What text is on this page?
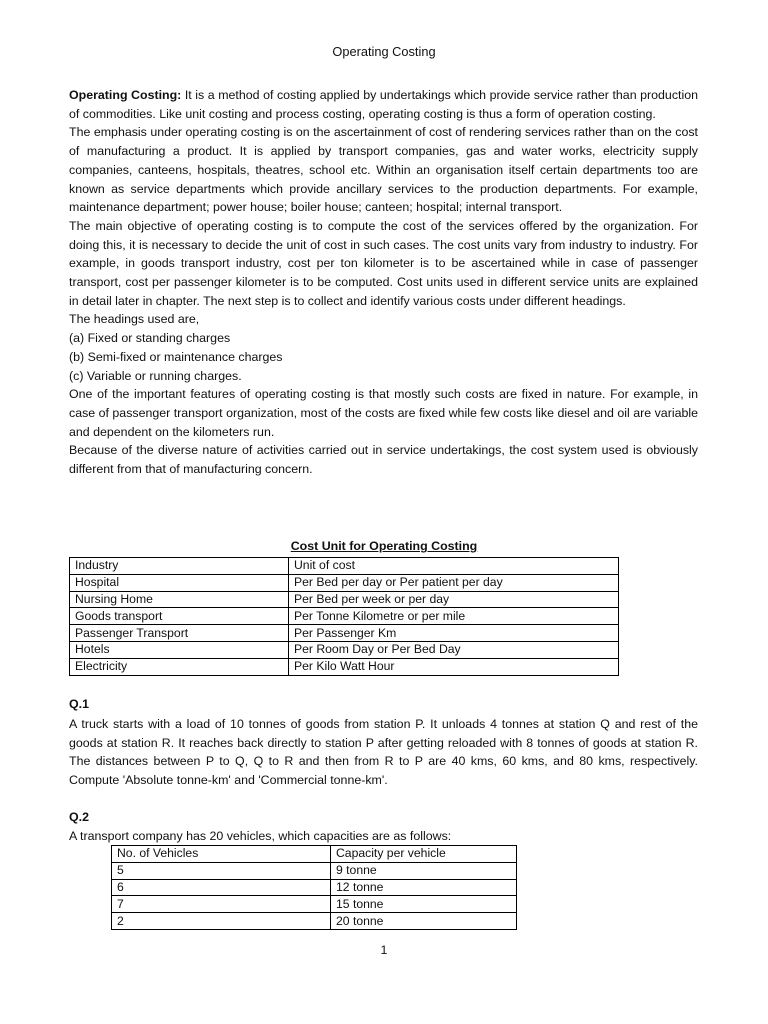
Operating Costing

Operating Costing: It is a method of costing applied by undertakings which provide service rather than production of commodities. Like unit costing and process costing, operating costing is thus a form of operation costing.

The emphasis under operating costing is on the ascertainment of cost of rendering services rather than on the cost of manufacturing a product. It is applied by transport companies, gas and water works, electricity supply companies, canteens, hospitals, theatres, school etc. Within an organisation itself certain departments too are known as service departments which provide ancillary services to the production departments. For example, maintenance department; power house; boiler house; canteen; hospital; internal transport.

The main objective of operating costing is to compute the cost of the services offered by the organization. For doing this, it is necessary to decide the unit of cost in such cases. The cost units vary from industry to industry. For example, in goods transport industry, cost per ton kilometer is to be ascertained while in case of passenger transport, cost per passenger kilometer is to be computed. Cost units used in different service units are explained in detail later in chapter. The next step is to collect and identify various costs under different headings.

The headings used are,

(a) Fixed or standing charges

(b) Semi-fixed or maintenance charges

(c) Variable or running charges.

One of the important features of operating costing is that mostly such costs are fixed in nature. For example, in case of passenger transport organization, most of the costs are fixed while few costs like diesel and oil are variable and dependent on the kilometers run.

Because of the diverse nature of activities carried out in service undertakings, the cost system used is obviously different from that of manufacturing concern.

Cost Unit for Operating Costing
Industry	Unit of cost
Hospital	Per Bed per day or Per patient per day
Nursing Home	Per Bed per week or per day
Goods transport	Per Tonne Kilometre or per mile
Passenger Transport	Per Passenger Km
Hotels	Per Room Day or Per Bed Day
Electricity	Per Kilo Watt Hour
Q.1

A truck starts with a load of 10 tonnes of goods from station P. It unloads 4 tonnes at station Q and rest of the goods at station R. It reaches back directly to station P after getting reloaded with 8 tonnes of goods at station R. The distances between P to Q, Q to R and then from R to P are 40 kms, 60 kms, and 80 kms, respectively. Compute 'Absolute tonne-km' and 'Commercial tonne-km'.

Q.2

A transport company has 20 vehicles, which capacities are as follows:

No. of Vehicles	Capacity per vehicle
5	9 tonne
6	12 tonne
7	15 tonne
2	20 tonne
1
